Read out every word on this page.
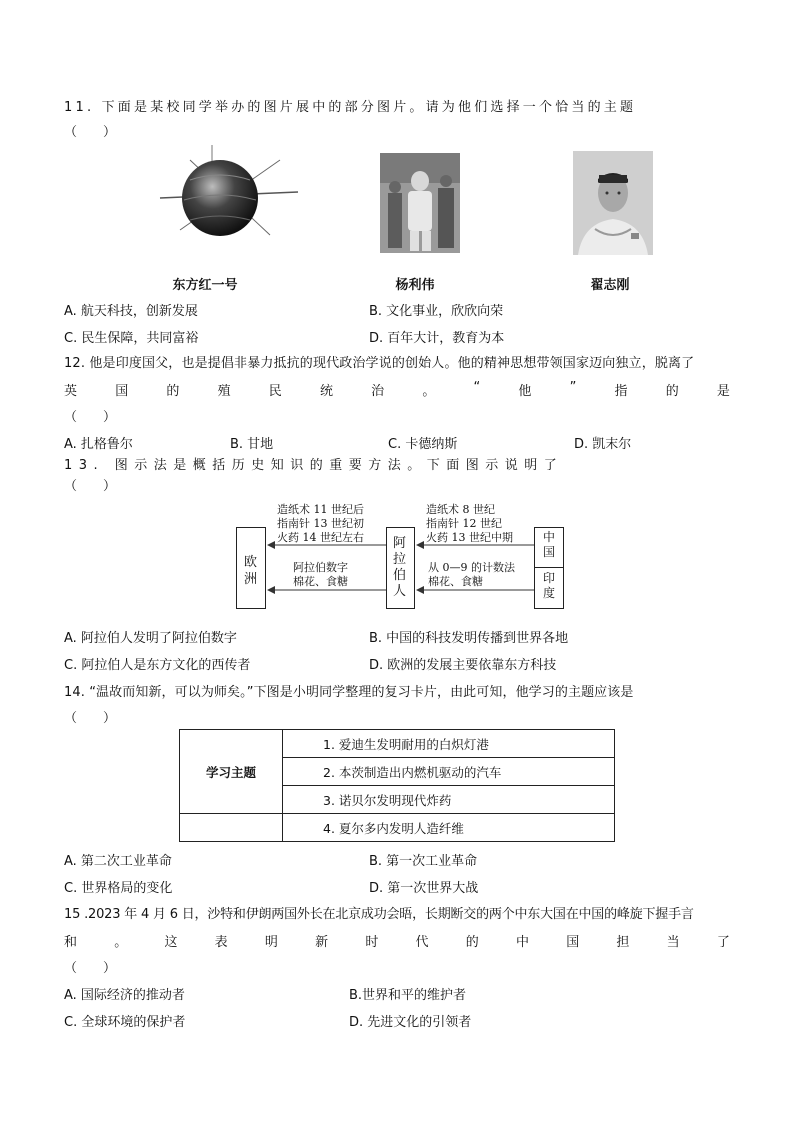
11. 下面是某校同学举办的图片展中的部分图片。请为他们选择一个恰当的主题
（　　）
东方红一号	杨利伟	翟志刚
A. 航天科技，创新发展	B. 文化事业，欣欣向荣
C. 民生保障，共同富裕	D. 百年大计，教育为本
12. 他是印度国父，也是提倡非暴力抵抗的现代政治学说的创始人。他的精神思想带领国家迈向独立，脱离了
英	国	的	殖	民	统	治	。	“	他	”	指	的	是
（　　）
A. 扎格鲁尔	B. 甘地	C. 卡德纳斯	D. 凯末尔
13. 图示法是概括历史知识的重要方法。下面图示说明了
（　　）
欧洲
阿拉伯人
中国
印度
造纸术 11 世纪后
指南针 13 世纪初
火药 14 世纪左右
造纸术 8 世纪
指南针 12 世纪
火药 13 世纪中期
阿拉伯数字
棉花、食糖
从 0—9 的计数法
棉花、食糖
A. 阿拉伯人发明了阿拉伯数字	B. 中国的科技发明传播到世界各地
C. 阿拉伯人是东方文化的西传者	D. 欧洲的发展主要依靠东方科技
14. “温故而知新，可以为师矣。”下图是小明同学整理的复习卡片，由此可知，他学习的主题应该是
（　　）
学习主题	1. 爱迪生发明耐用的白炽灯港
	2. 本茨制造出内燃机驱动的汽车
	3. 诺贝尔发明现代炸药
	4. 夏尔多内发明人造纤维
A. 第二次工业革命	B. 第一次工业革命
C. 世界格局的变化	D. 第一次世界大战
15 .2023 年 4 月 6 日，沙特和伊朗两国外长在北京成功会晤，长期断交的两个中东大国在中国的峰旋下握手言
和	。	这	表	明	新	时	代	的	中	国	担	当	了
（　　）
A. 国际经济的推动者	B.世界和平的维护者
C. 全球环境的保护者	D. 先进文化的引领者
